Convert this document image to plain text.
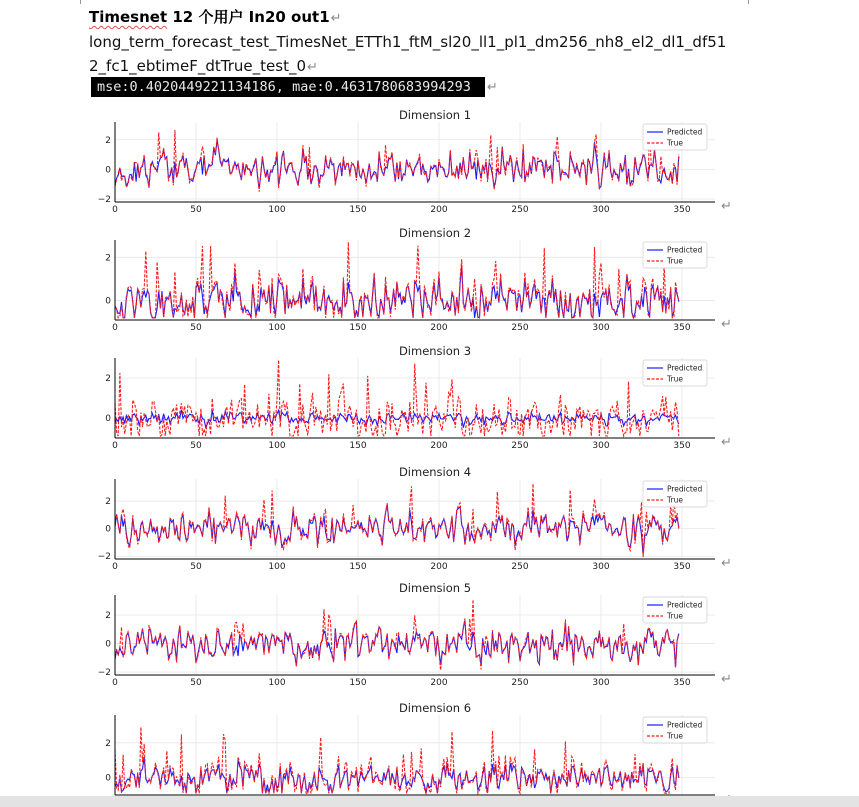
Timesnet 12 个用户 In20 out1↵
long_term_forecast_test_TimesNet_ETTh1_ftM_sl20_ll1_pl1_dm256_nh8_el2_dl1_df512_fc1_ebtimeF_dtTrue_test_0↵
mse:0.4020449221134186, mae:0.4631780683994293	↵
0	50	100	150	200	250	300	350
−2
0
2
Dimension 1
Predicted
True
↵
0	50	100	150	200	250	300	350
0
2
Dimension 2
Predicted
True
↵
0	50	100	150	200	250	300	350
0
2
Dimension 3
Predicted
True
↵
0	50	100	150	200	250	300	350
−2
0
2
Dimension 4
Predicted
True
↵
0	50	100	150	200	250	300	350
−2
0
2
Dimension 5
Predicted
True
↵
0
2
Dimension 6
Predicted
True
